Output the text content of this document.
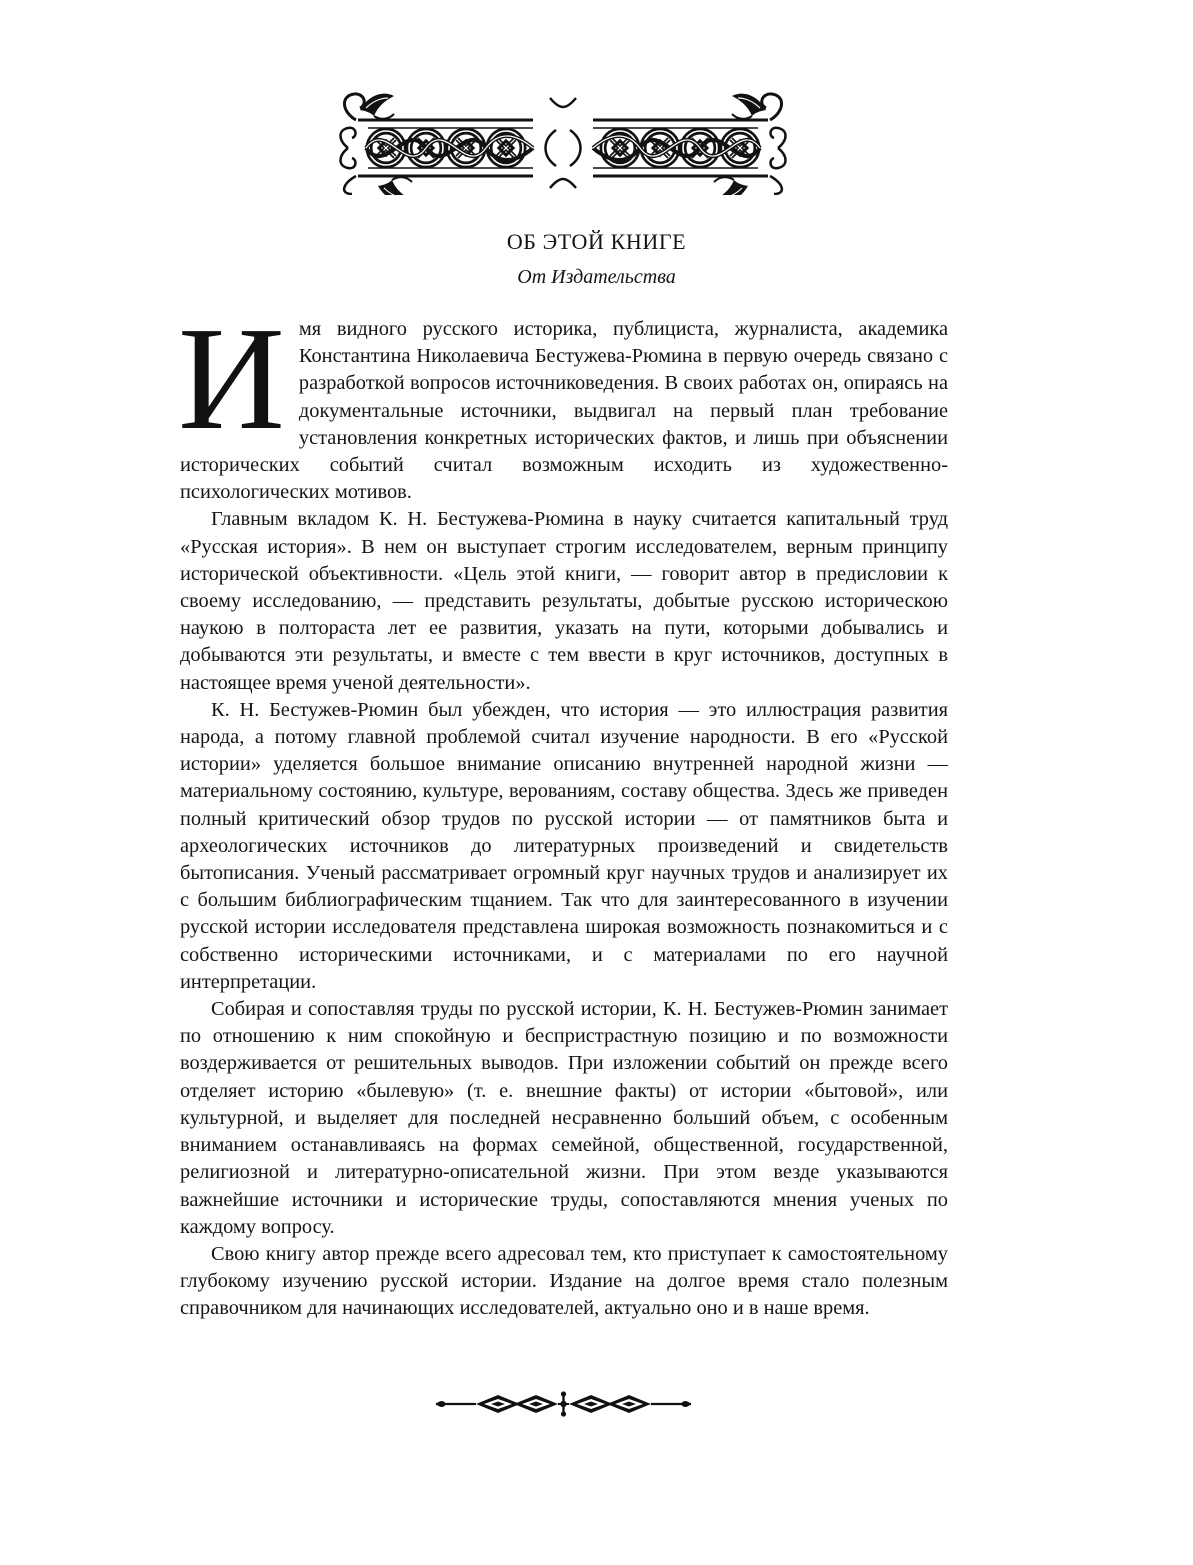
ОБ ЭТОЙ КНИГЕ
От Издательства

Имя видного русского историка, публициста, журналиста, академика Константина Николаевича Бестужева-Рюмина в первую очередь связано с разработкой вопросов источниковедения. В своих работах он, опираясь на документальные источники, выдвигал на первый план требование установления конкретных исторических фактов, и лишь при объяснении исторических событий считал возможным исходить из художественно-психологических мотивов.

Главным вкладом К. Н. Бестужева-Рюмина в науку считается капитальный труд «Русская история». В нем он выступает строгим исследователем, верным принципу исторической объективности. «Цель этой книги, — говорит автор в предисловии к своему исследованию, — представить результаты, добытые русскою историческою наукою в полтораста лет ее развития, указать на пути, которыми добывались и добываются эти результаты, и вместе с тем ввести в круг источников, доступных в настоящее время ученой деятельности».

К. Н. Бестужев-Рюмин был убежден, что история — это иллюстрация развития народа, а потому главной проблемой считал изучение народности. В его «Русской истории» уделяется большое внимание описанию внутренней народной жизни — материальному состоянию, культуре, верованиям, составу общества. Здесь же приведен полный критический обзор трудов по русской истории — от памятников быта и археологических источников до литературных произведений и свидетельств бытописания. Ученый рассматривает огромный круг научных трудов и анализирует их с большим библиографическим тщанием. Так что для заинтересованного в изучении русской истории исследователя представлена широкая возможность познакомиться и с собственно историческими источниками, и с материалами по его научной интерпретации.

Собирая и сопоставляя труды по русской истории, К. Н. Бестужев-Рюмин занимает по отношению к ним спокойную и беспристрастную позицию и по возможности воздерживается от решительных выводов. При изложении событий он прежде всего отделяет историю «былевую» (т. е. внешние факты) от истории «бытовой», или культурной, и выделяет для последней несравненно больший объем, с особенным вниманием останавливаясь на формах семейной, общественной, государственной, религиозной и литературно-описательной жизни. При этом везде указываются важнейшие источники и исторические труды, сопоставляются мнения ученых по каждому вопросу.

Свою книгу автор прежде всего адресовал тем, кто приступает к самостоятельному глубокому изучению русской истории. Издание на долгое время стало полезным справочником для начинающих исследователей, актуально оно и в наше время.
